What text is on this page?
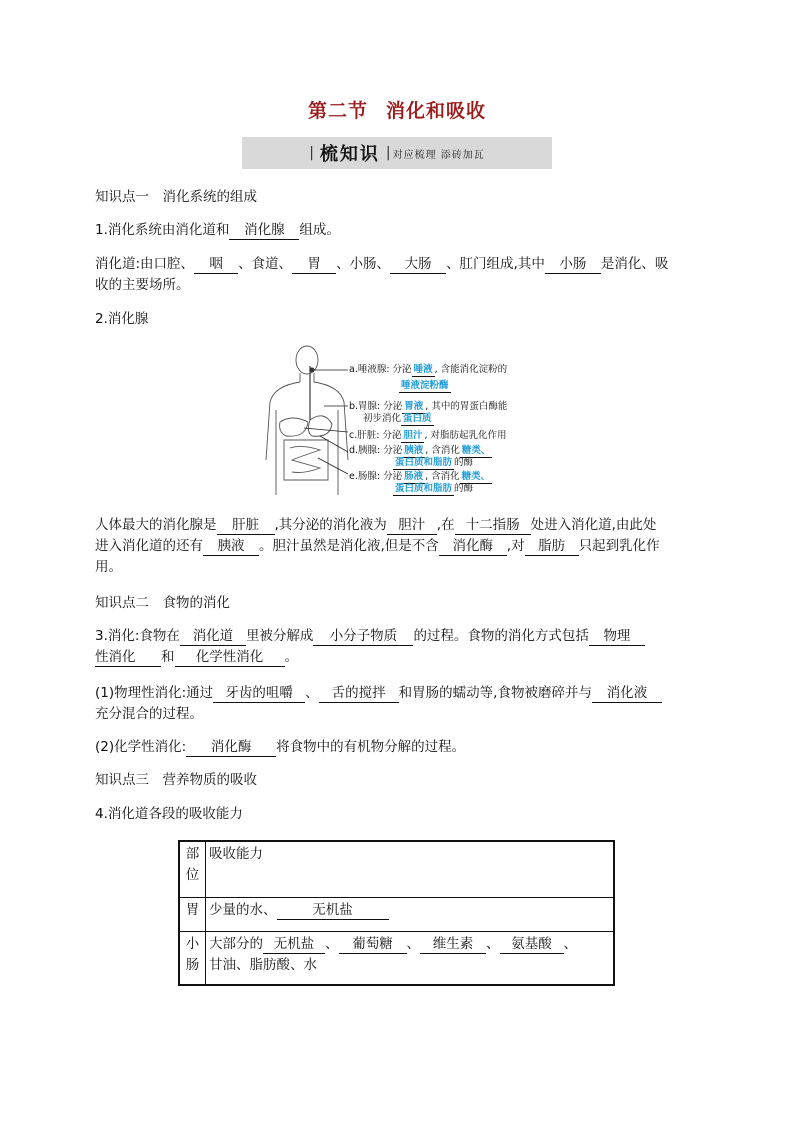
第二节 消化和吸收
| 梳知识 | 对应梳理 添砖加瓦
知识点一　消化系统的组成
1.消化系统由消化道和 消化腺 组成。
消化道:由口腔、 咽 、食道、 胃 、小肠、 大肠 、肛门组成,其中 小肠 是消化、吸
收的主要场所。
2.消化腺
a.唾液腺: 分泌 唾液 , 含能消化淀粉的
唾液淀粉酶
b.胃腺: 分泌 胃液 , 其中的胃蛋白酶能
初步消化 蛋白质
c.肝脏: 分泌 胆汁 , 对脂肪起乳化作用
d.胰腺: 分泌 胰液 , 含消化 糖类、
蛋白质和脂肪 的酶
e.肠腺: 分泌 肠液 , 含消化 糖类、
蛋白质和脂肪 的酶
人体最大的消化腺是 肝脏 ,其分泌的消化液为 胆汁 ,在 十二指肠 处进入消化道,由此处
进入消化道的还有 胰液 。胆汁虽然是消化液,但是不含 消化酶 ,对 脂肪 只起到乳化作
用。
知识点二　食物的消化
3.消化:食物在 消化道 里被分解成 小分子物质 的过程。食物的消化方式包括 物理
性消化 和 化学性消化 。
(1)物理性消化:通过 牙齿的咀嚼 、 舌的搅拌 和胃肠的蠕动等,食物被磨碎并与 消化液
充分混合的过程。
(2)化学性消化: 消化酶 将食物中的有机物分解的过程。
知识点三　营养物质的吸收
4.消化道各段的吸收能力
部位	吸收能力
胃	少量的水、 无机盐
小肠	大部分的 无机盐 、 葡萄糖 、 维生素 、 氨基酸 、
甘油、脂肪酸、水
